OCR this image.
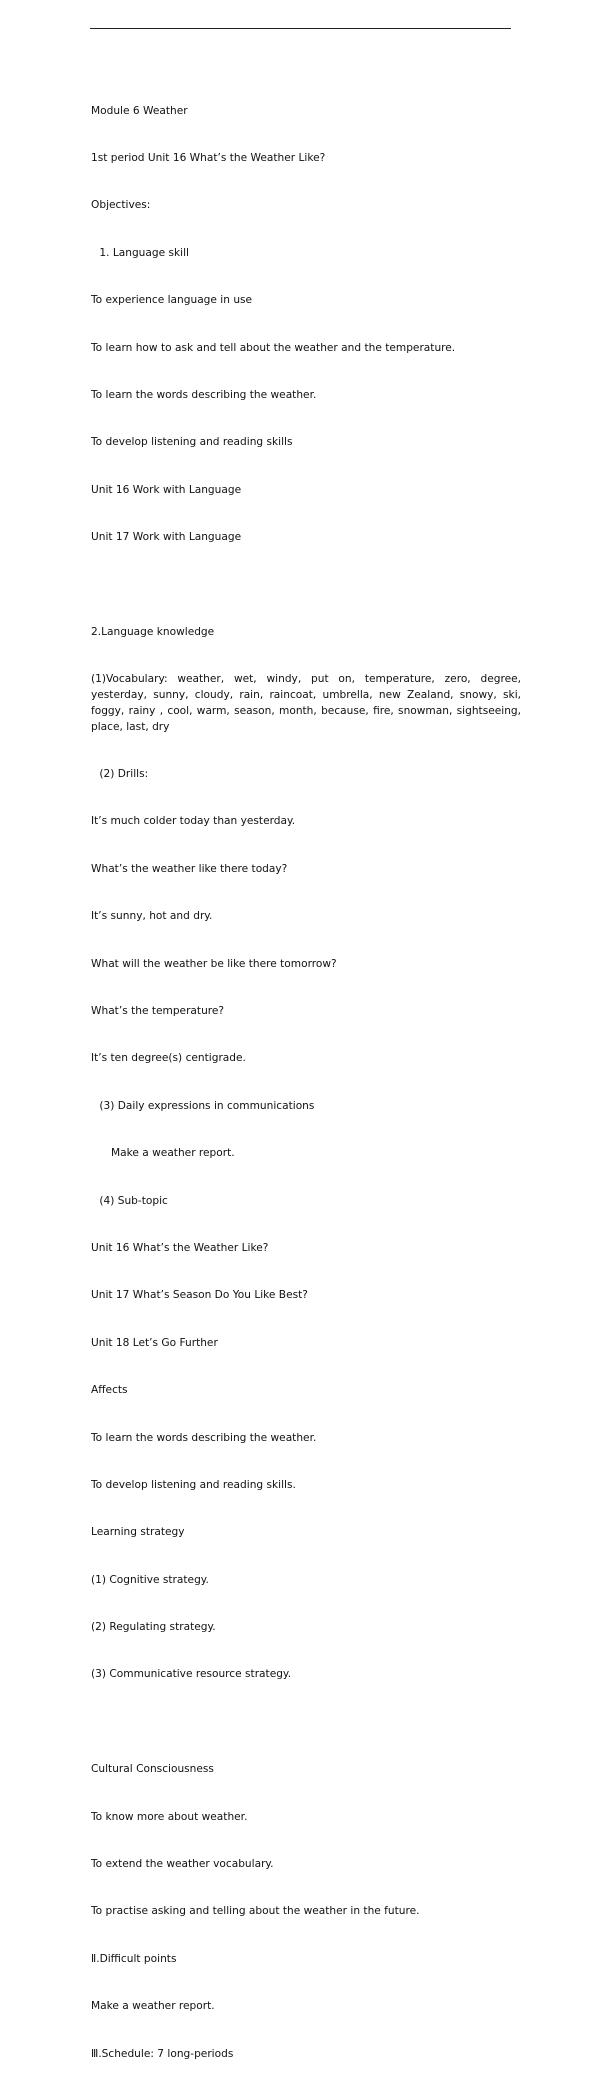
Module 6 Weather

1st period Unit 16 What’s the Weather Like?

Objectives:

1. Language skill

To experience language in use

To learn how to ask and tell about the weather and the temperature.

To learn the words describing the weather.

To develop listening and reading skills

Unit 16 Work with Language

Unit 17 Work with Language

2.Language knowledge

(1)Vocabulary: weather, wet, windy, put on, temperature, zero, degree, yesterday, sunny, cloudy, rain, raincoat, umbrella, new Zealand, snowy, ski, foggy, rainy , cool, warm, season, month, because, fire, snowman, sightseeing, place, last, dry

(2) Drills:

It’s much colder today than yesterday.

What’s the weather like there today?

It’s sunny, hot and dry.

What will the weather be like there tomorrow?

What’s the temperature?

It’s ten degree(s) centigrade.

(3) Daily expressions in communications

Make a weather report.

(4) Sub-topic

Unit 16 What’s the Weather Like?

Unit 17 What’s Season Do You Like Best?

Unit 18 Let’s Go Further

Affects

To learn the words describing the weather.

To develop listening and reading skills.

Learning strategy

(1) Cognitive strategy.

(2) Regulating strategy.

(3) Communicative resource strategy.

Cultural Consciousness

To know more about weather.

To extend the weather vocabulary.

To practise asking and telling about the weather in the future.

Ⅱ.Difficult points

Make a weather report.

Ⅲ.Schedule: 7 long-periods
